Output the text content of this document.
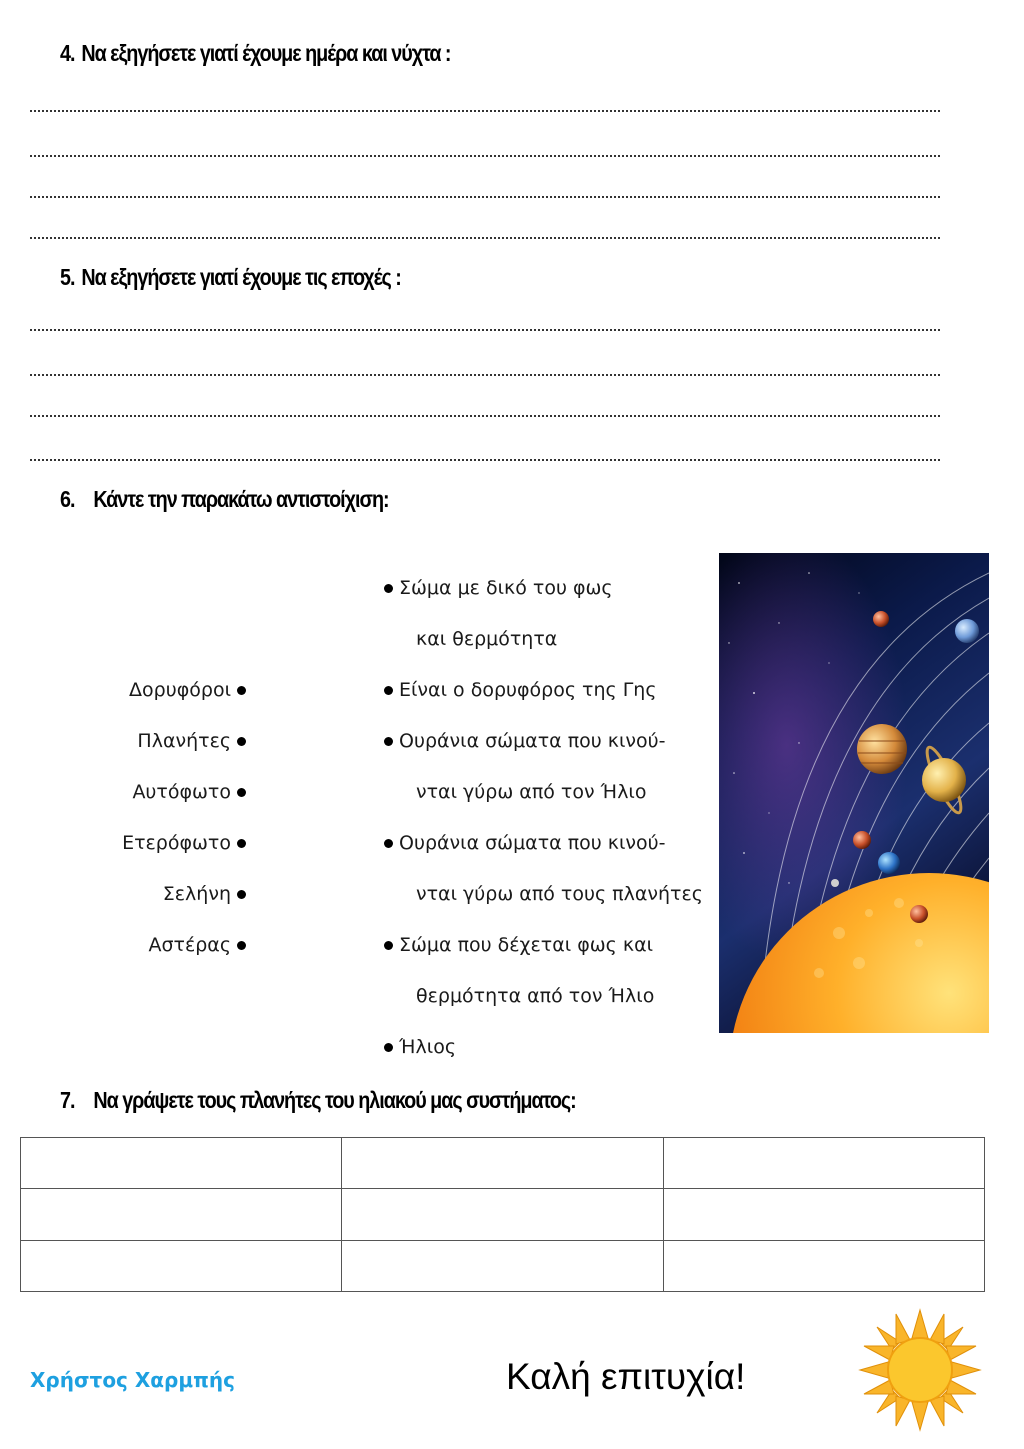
4. Να εξηγήσετε γιατί έχουμε ημέρα και νύχτα :
5. Να εξηγήσετε γιατί έχουμε τις εποχές :
6. Κάντε την παρακάτω αντιστοίχιση:
Σώμα με δικό του φως
και θερμότητα
Είναι ο δορυφόρος της Γης
Ουράνια σώματα που κινού-
νται γύρω από τον Ήλιο
Ουράνια σώματα που κινού-
νται γύρω από τους πλανήτες
Σώμα που δέχεται φως και
θερμότητα από τον Ήλιο
Ήλιος
Δορυφόροι
Πλανήτες
Αυτόφωτο
Ετερόφωτο
Σελήνη
Αστέρας
7. Να γράψετε τους πλανήτες του ηλιακού μας συστήματος:

Χρήστος Χαρμπής	Καλή επιτυχία!
